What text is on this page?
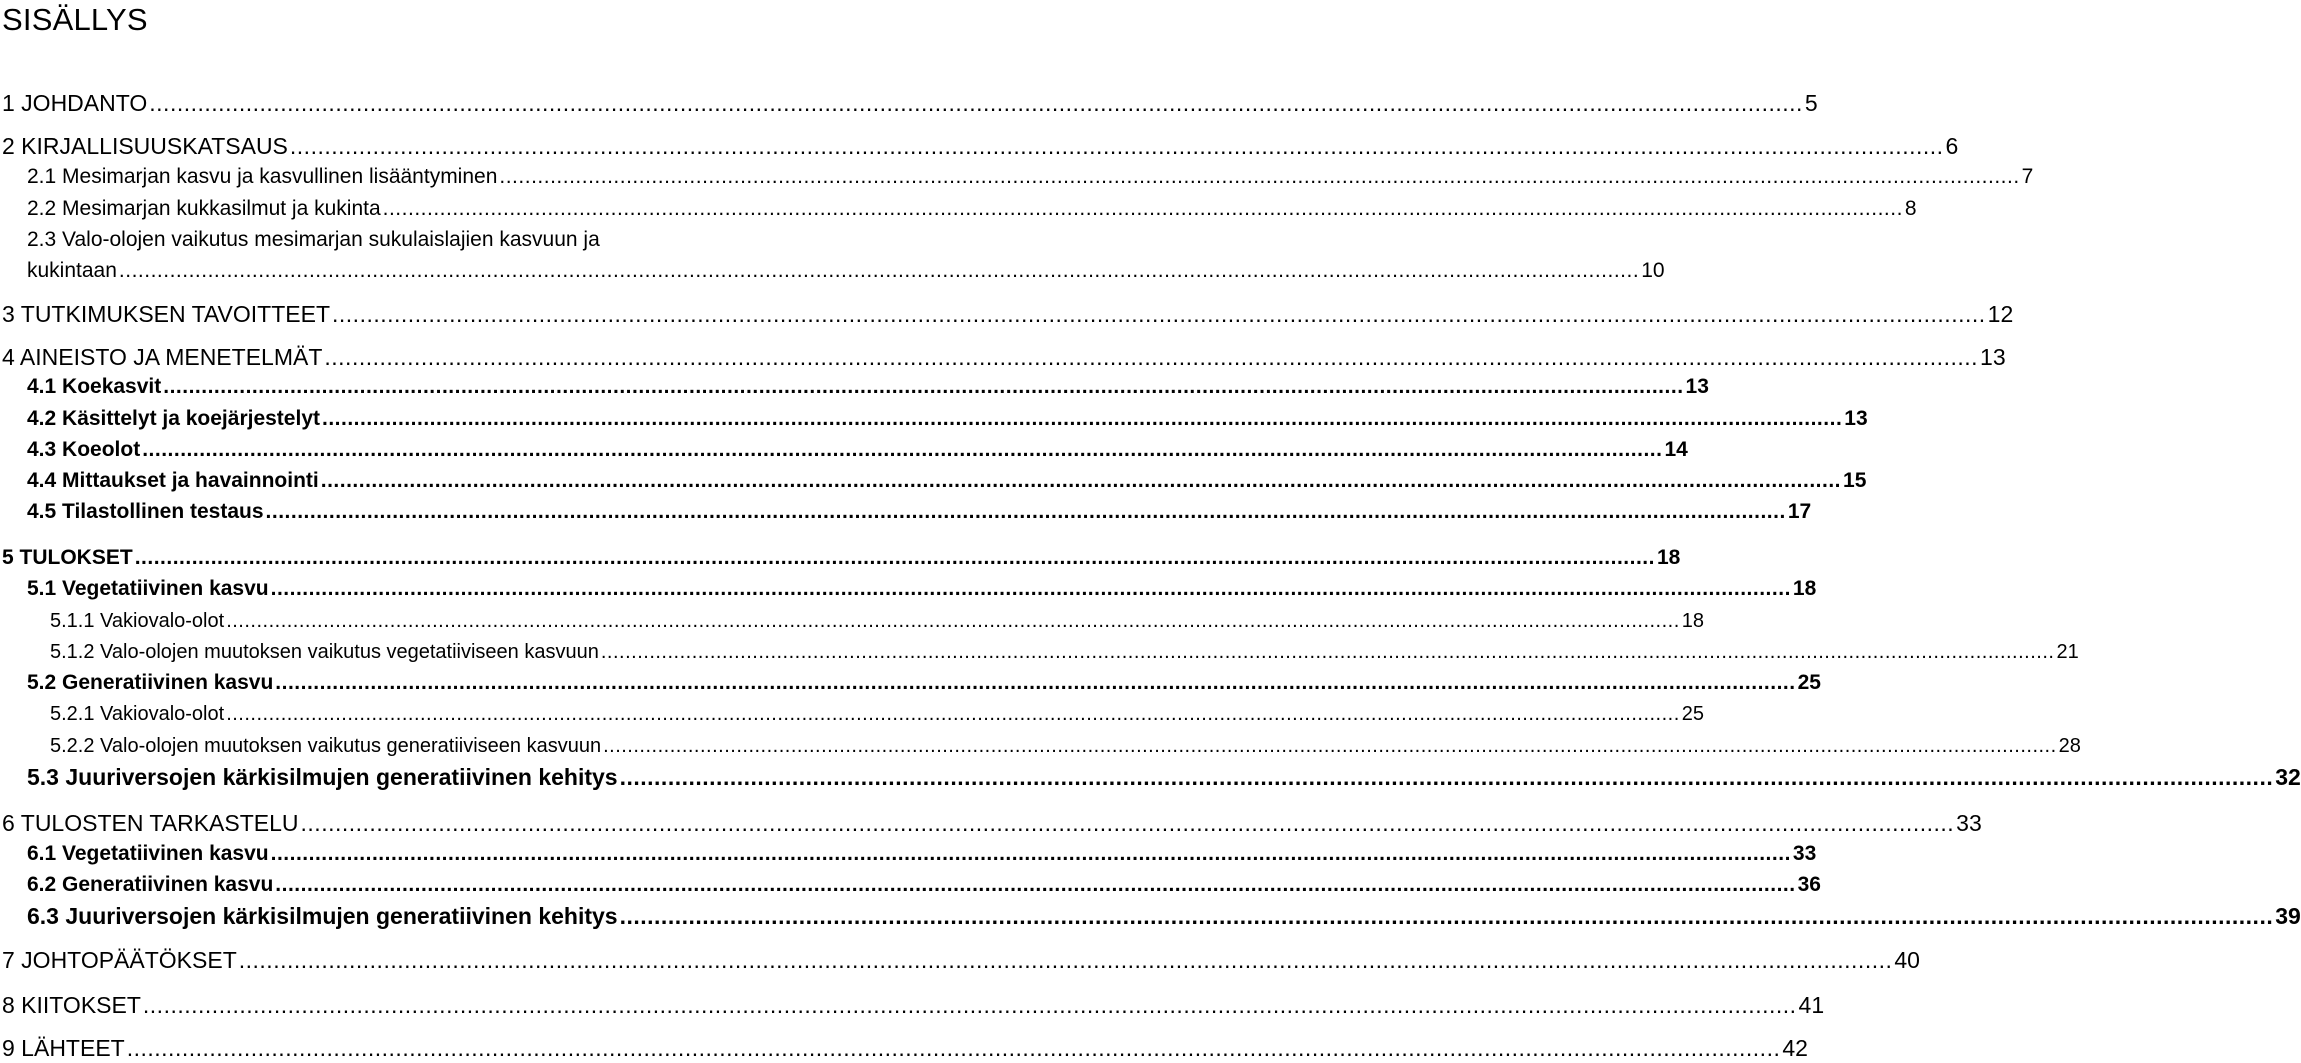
SISÄLLYS
1 JOHDANTO .....	5
2 KIRJALLISUUSKATSAUS .....	6
2.1 Mesimarjan kasvu ja kasvullinen lisääntyminen .....	7
2.2 Mesimarjan kukkasilmut ja kukinta .....	8
2.3 Valo-olojen vaikutus mesimarjan sukulaislajien kasvuun ja
kukintaan .....	10
3 TUTKIMUKSEN TAVOITTEET .....	12
4 AINEISTO JA MENETELMÄT .....	13
4.1 Koekasvit .....	13
4.2 Käsittelyt ja koejärjestelyt .....	13
4.3 Koeolot .....	14
4.4 Mittaukset ja havainnointi .....	15
4.5 Tilastollinen testaus .....	17
5 TULOKSET .....	18
5.1 Vegetatiivinen kasvu .....	18
5.1.1 Vakiovalo-olot .....	18
5.1.2 Valo-olojen muutoksen vaikutus vegetatiiviseen kasvuun .....	21
5.2 Generatiivinen kasvu .....	25
5.2.1 Vakiovalo-olot .....	25
5.2.2 Valo-olojen muutoksen vaikutus generatiiviseen kasvuun .....	28
5.3 Juuriversojen kärkisilmujen generatiivinen kehitys .....	32
6 TULOSTEN TARKASTELU .....	33
6.1 Vegetatiivinen kasvu .....	33
6.2 Generatiivinen kasvu .....	36
6.3 Juuriversojen kärkisilmujen generatiivinen kehitys .....	39
7 JOHTOPÄÄTÖKSET .....	40
8 KIITOKSET .....	41
9 LÄHTEET .....	42
